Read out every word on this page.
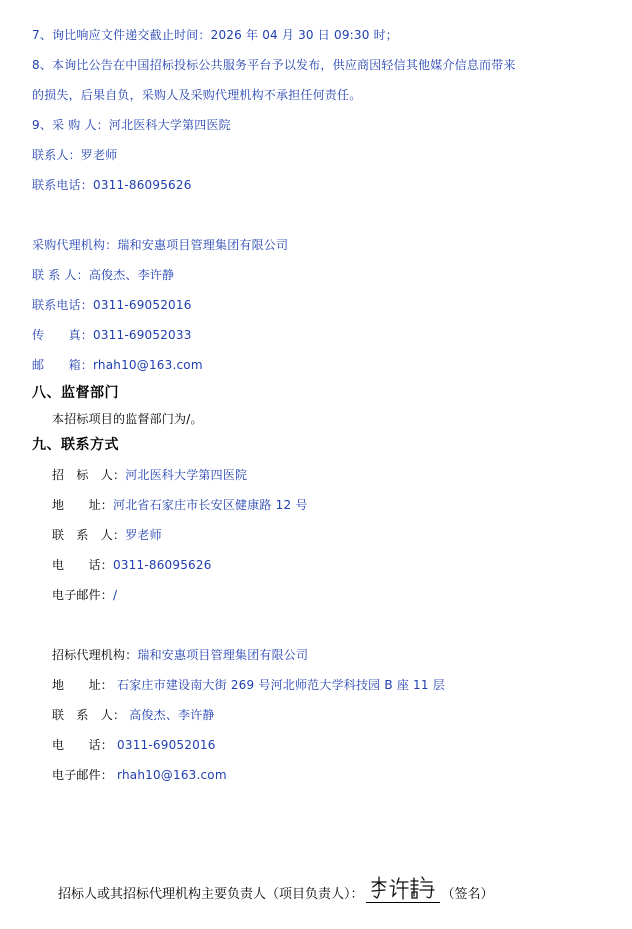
7、询比响应文件递交截止时间：2026 年 04 月 30 日 09:30 时；
8、本询比公告在中国招标投标公共服务平台予以发布，供应商因轻信其他媒介信息而带来
的损失，后果自负，采购人及采购代理机构不承担任何责任。
9、采 购 人：河北医科大学第四医院
联系人：罗老师
联系电话：0311-86095626
采购代理机构：瑞和安惠项目管理集团有限公司
联 系 人：高俊杰、李许静
联系电话：0311-69052016
传　　真：0311-69052033
邮　　箱：rhah10@163.com
八、监督部门
本招标项目的监督部门为/。
九、联系方式
招　标　人：河北医科大学第四医院
地　　址：河北省石家庄市长安区健康路 12 号
联　系　人：罗老师
电　　话：0311-86095626
电子邮件：/
招标代理机构：瑞和安惠项目管理集团有限公司
地　　址： 石家庄市建设南大街 269 号河北师范大学科技园 B 座 11 层
联　系　人： 高俊杰、李许静
电　　话： 0311-69052016
电子邮件： rhah10@163.com
招标人或其招标代理机构主要负责人（项目负责人）：	（签名）
